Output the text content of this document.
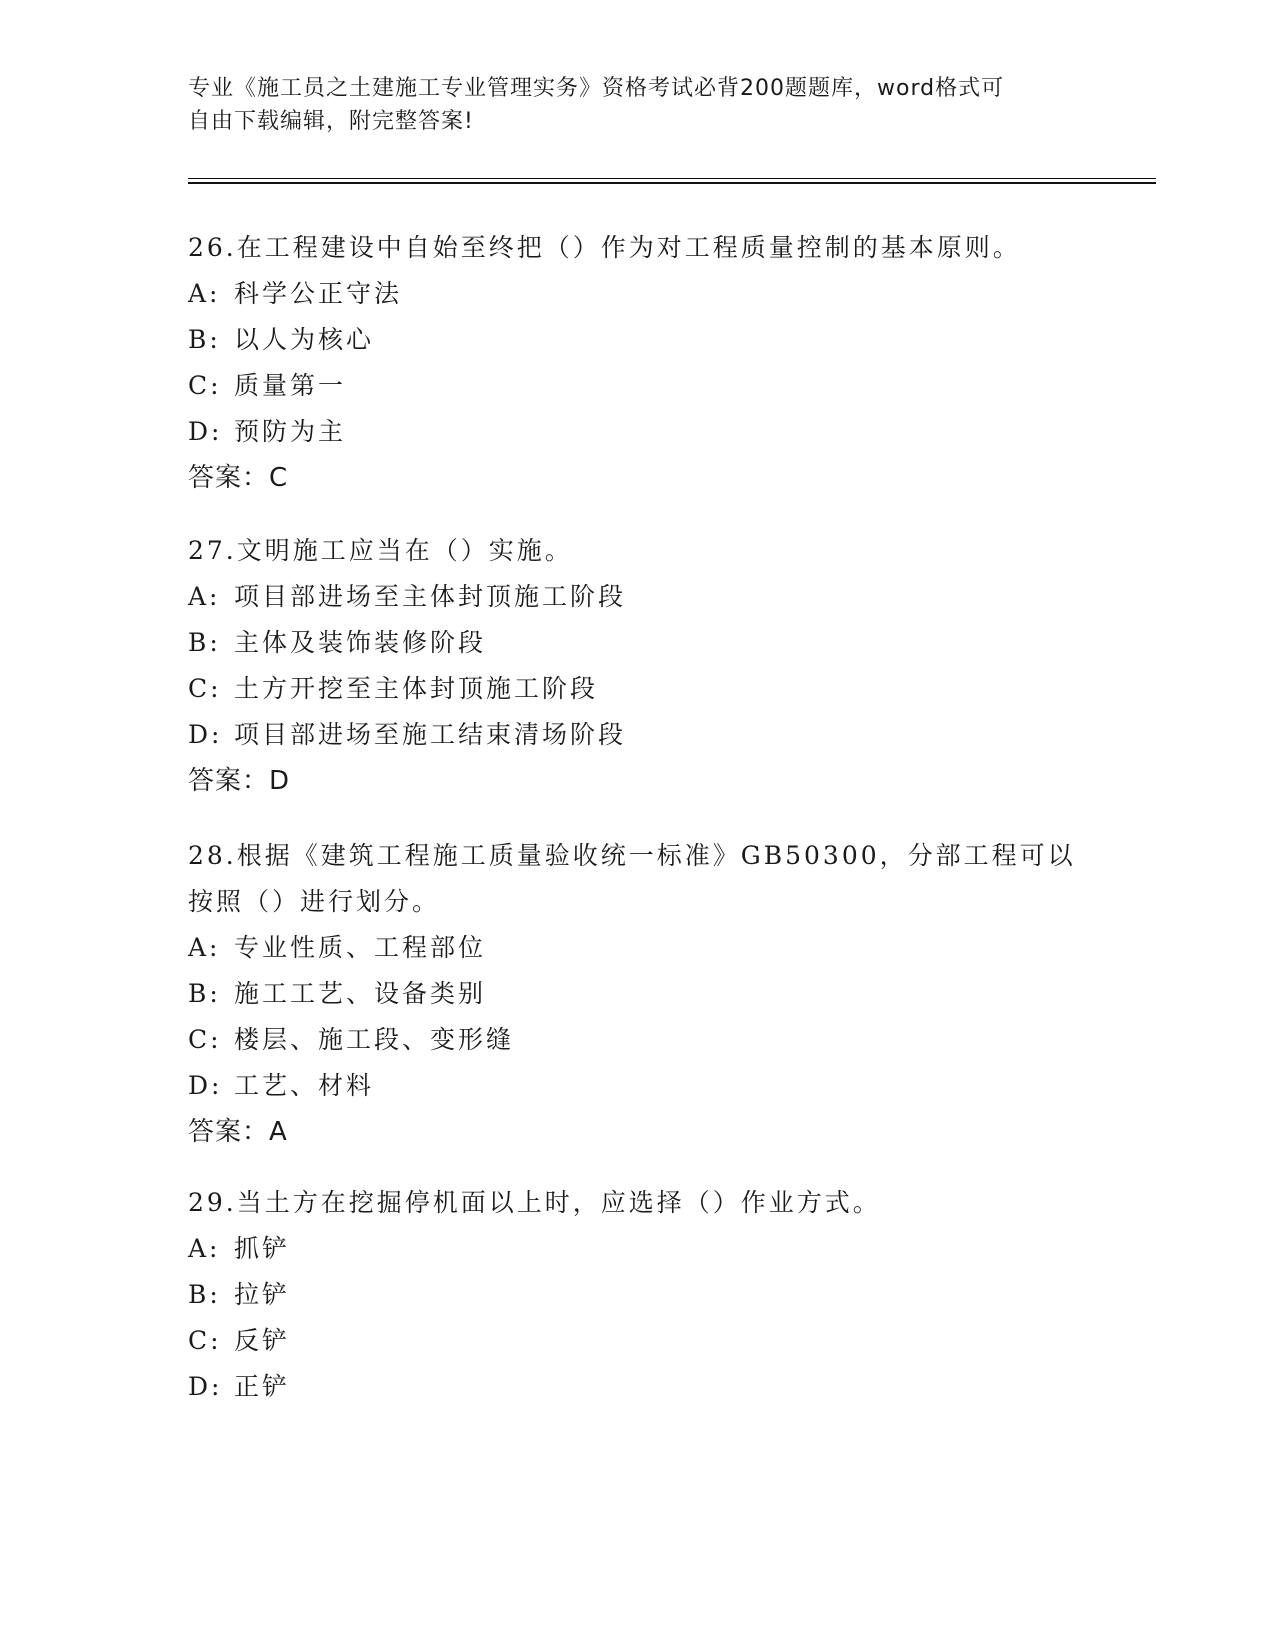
专业《施工员之土建施工专业管理实务》资格考试必背200题题库，word格式可
自由下载编辑，附完整答案!
26.在工程建设中自始至终把（）作为对工程质量控制的基本原则。
A: 科学公正守法
B: 以人为核心
C: 质量第一
D: 预防为主
答案：C
27.文明施工应当在（）实施。
A: 项目部进场至主体封顶施工阶段
B: 主体及装饰装修阶段
C: 土方开挖至主体封顶施工阶段
D: 项目部进场至施工结束清场阶段
答案：D
28.根据《建筑工程施工质量验收统一标准》GB50300，分部工程可以
按照（）进行划分。
A: 专业性质、工程部位
B: 施工工艺、设备类别
C: 楼层、施工段、变形缝
D: 工艺、材料
答案：A
29.当土方在挖掘停机面以上时，应选择（）作业方式。
A: 抓铲
B: 拉铲
C: 反铲
D: 正铲
